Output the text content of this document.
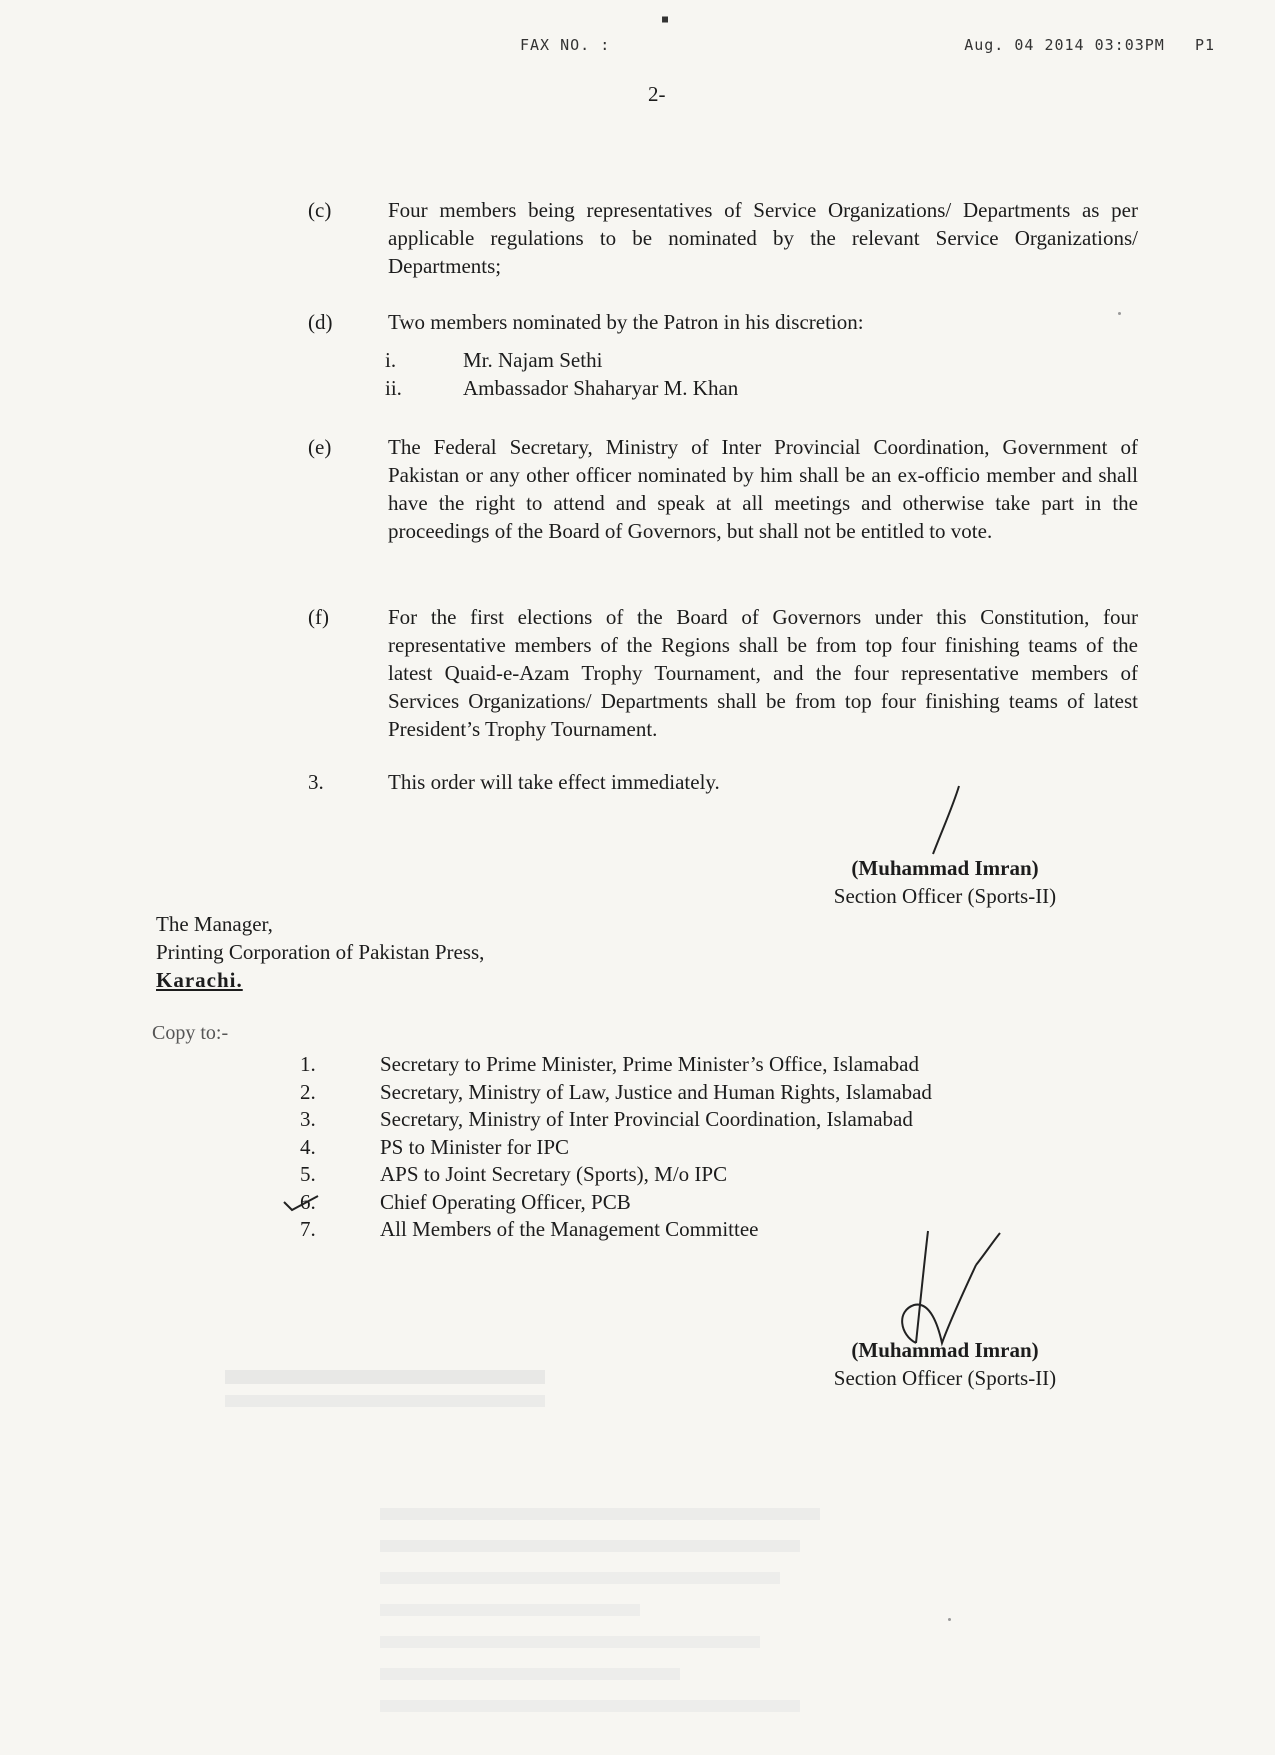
■
FAX NO. :	Aug. 04 2014 03:03PM P1
2-
(c)	Four members being representatives of Service Organizations/ Departments as per applicable regulations to be nominated by the relevant Service Organizations/ Departments;
(d)	Two members nominated by the Patron in his discretion:
i.	Mr. Najam Sethi
ii.	Ambassador Shaharyar M. Khan
(e)	The Federal Secretary, Ministry of Inter Provincial Coordination, Government of Pakistan or any other officer nominated by him shall be an ex-officio member and shall have the right to attend and speak at all meetings and otherwise take part in the proceedings of the Board of Governors, but shall not be entitled to vote.
(f)	For the first elections of the Board of Governors under this Constitution, four representative members of the Regions shall be from top four finishing teams of the latest Quaid-e-Azam Trophy Tournament, and the four representative members of Services Organizations/ Departments shall be from top four finishing teams of latest President’s Trophy Tournament.
3.	This order will take effect immediately.
(Muhammad Imran)
Section Officer (Sports-II)
The Manager,
Printing Corporation of Pakistan Press,
Karachi.
Copy to:-
1.	Secretary to Prime Minister, Prime Minister’s Office, Islamabad
2.	Secretary, Ministry of Law, Justice and Human Rights, Islamabad
3.	Secretary, Ministry of Inter Provincial Coordination, Islamabad
4.	PS to Minister for IPC
5.	APS to Joint Secretary (Sports), M/o IPC
6.	Chief Operating Officer, PCB
7.	All Members of the Management Committee
(Muhammad Imran)
Section Officer (Sports-II)
